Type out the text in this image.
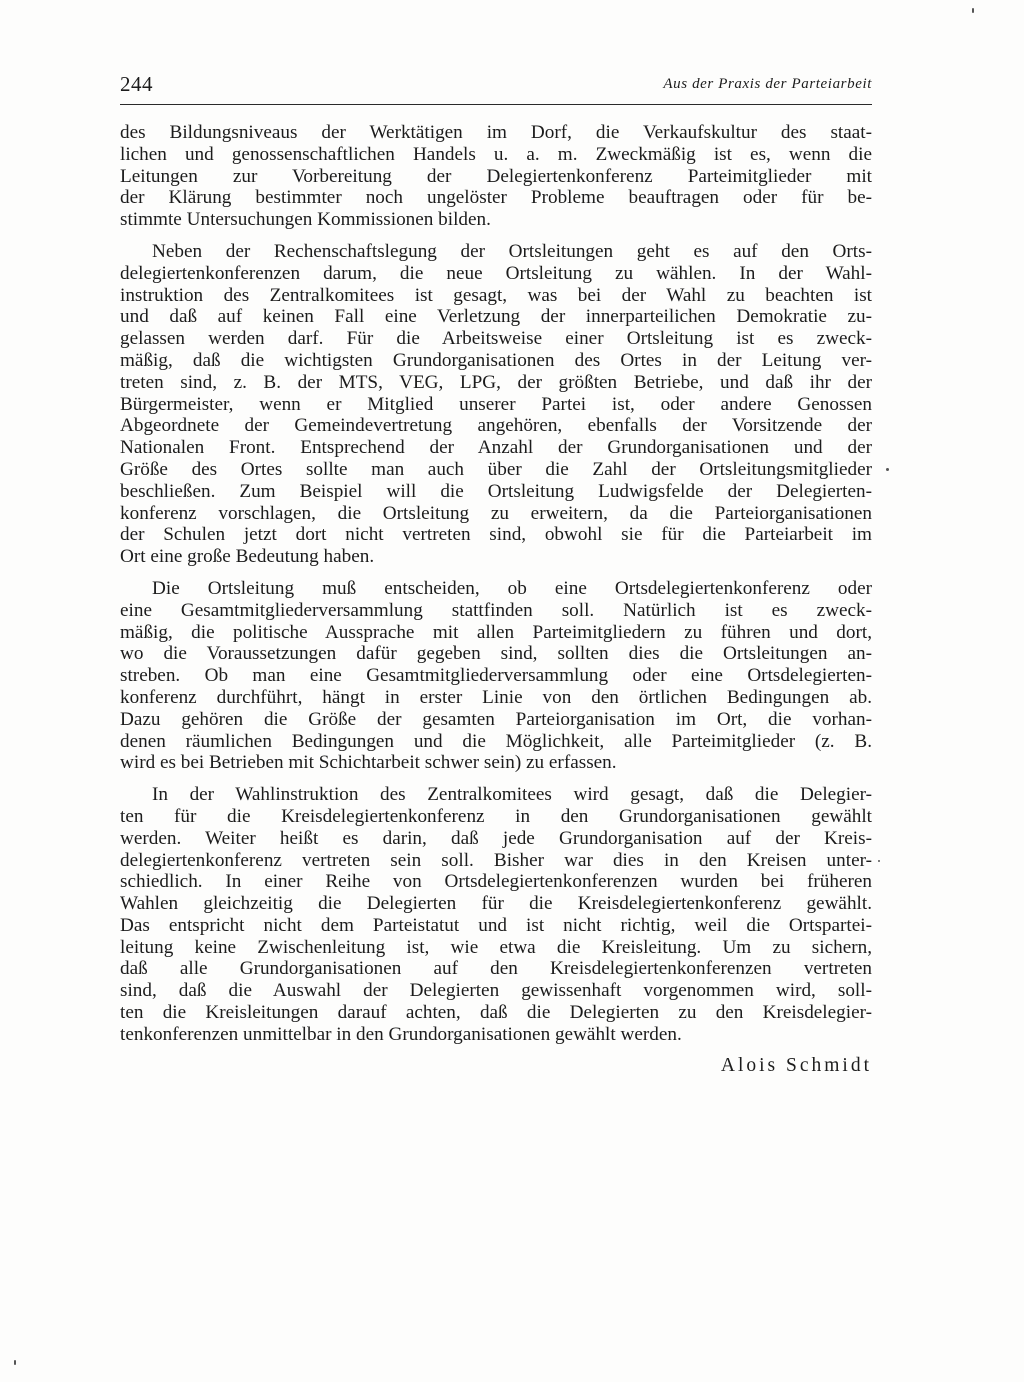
244	Aus der Praxis der Parteiarbeit
des Bildungsniveaus der Werktätigen im Dorf, die Verkaufskultur des staat-
lichen und genossenschaftlichen Handels u. a. m. Zweckmäßig ist es, wenn die
Leitungen zur Vorbereitung der Delegiertenkonferenz Parteimitglieder mit
der Klärung bestimmter noch ungelöster Probleme beauftragen oder für be-
stimmte Untersuchungen Kommissionen bilden.
Neben der Rechenschaftslegung der Ortsleitungen geht es auf den Orts-
delegiertenkonferenzen darum, die neue Ortsleitung zu wählen. In der Wahl-
instruktion des Zentralkomitees ist gesagt, was bei der Wahl zu beachten ist
und daß auf keinen Fall eine Verletzung der innerparteilichen Demokratie zu-
gelassen werden darf. Für die Arbeitsweise einer Ortsleitung ist es zweck-
mäßig, daß die wichtigsten Grundorganisationen des Ortes in der Leitung ver-
treten sind, z. B. der MTS, VEG, LPG, der größten Betriebe, und daß ihr der
Bürgermeister, wenn er Mitglied unserer Partei ist, oder andere Genossen
Abgeordnete der Gemeindevertretung angehören, ebenfalls der Vorsitzende der
Nationalen Front. Entsprechend der Anzahl der Grundorganisationen und der
Größe des Ortes sollte man auch über die Zahl der Ortsleitungsmitglieder
beschließen. Zum Beispiel will die Ortsleitung Ludwigsfelde der Delegierten-
konferenz vorschlagen, die Ortsleitung zu erweitern, da die Parteiorganisationen
der Schulen jetzt dort nicht vertreten sind, obwohl sie für die Parteiarbeit im
Ort eine große Bedeutung haben.
Die Ortsleitung muß entscheiden, ob eine Ortsdelegiertenkonferenz oder
eine Gesamtmitgliederversammlung stattfinden soll. Natürlich ist es zweck-
mäßig, die politische Aussprache mit allen Parteimitgliedern zu führen und dort,
wo die Voraussetzungen dafür gegeben sind, sollten dies die Ortsleitungen an-
streben. Ob man eine Gesamtmitgliederversammlung oder eine Ortsdelegierten-
konferenz durchführt, hängt in erster Linie von den örtlichen Bedingungen ab.
Dazu gehören die Größe der gesamten Parteiorganisation im Ort, die vorhan-
denen räumlichen Bedingungen und die Möglichkeit, alle Parteimitglieder (z. B.
wird es bei Betrieben mit Schichtarbeit schwer sein) zu erfassen.
In der Wahlinstruktion des Zentralkomitees wird gesagt, daß die Delegier-
ten für die Kreisdelegiertenkonferenz in den Grundorganisationen gewählt
werden. Weiter heißt es darin, daß jede Grundorganisation auf der Kreis-
delegiertenkonferenz vertreten sein soll. Bisher war dies in den Kreisen unter-
schiedlich. In einer Reihe von Ortsdelegiertenkonferenzen wurden bei früheren
Wahlen gleichzeitig die Delegierten für die Kreisdelegiertenkonferenz gewählt.
Das entspricht nicht dem Parteistatut und ist nicht richtig, weil die Ortspartei-
leitung keine Zwischenleitung ist, wie etwa die Kreisleitung. Um zu sichern,
daß alle Grundorganisationen auf den Kreisdelegiertenkonferenzen vertreten
sind, daß die Auswahl der Delegierten gewissenhaft vorgenommen wird, soll-
ten die Kreisleitungen darauf achten, daß die Delegierten zu den Kreisdelegier-
tenkonferenzen unmittelbar in den Grundorganisationen gewählt werden.
Alois Schmidt
